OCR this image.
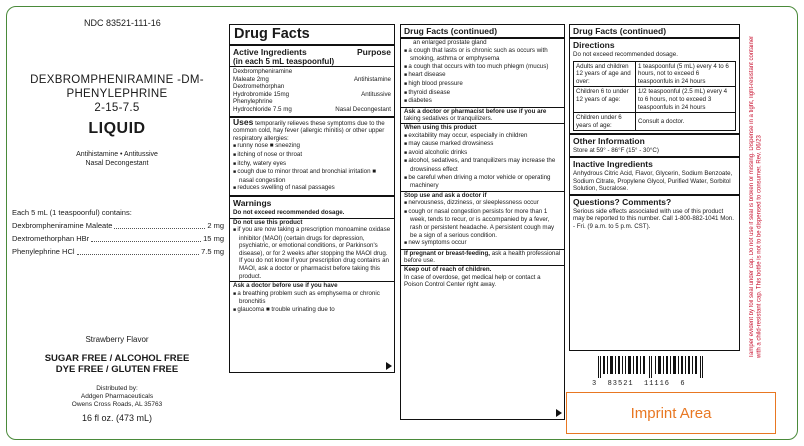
NDC 83521-111-16
DEXBROMPHENIRAMINE -DM-
PHENYLEPHRINE
2-15-7.5
LIQUID
Antihistamine • Antitussive
Nasal Decongestant
Each 5 mL (1 teaspoonful) contains:
Dexbrompheniramine Maleate	2 mg
Dextromethorphan HBr	15 mg
Phenylephrine HCl	7.5 mg
Strawberry Flavor
SUGAR FREE / ALCOHOL FREE
DYE FREE / GLUTEN FREE
Distributed by:
Addgen Pharmaceuticals
Owens Cross Roads, AL 35763
16 fl oz. (473 mL)
Drug Facts
Active Ingredients	Purpose
(in each 5 mL teaspoonful)
Dexbrompheniramine
Maleate 2mg	Antihistamine
Dextromethorphan
Hydrobromide 15mg	Antitussive
Phenylephrine
Hydrochloride 7.5 mg	Nasal Decongestant
Uses temporarily relieves these symptoms due to the common cold, hay fever (allergic rhinitis) or other upper respiratory allergies:
■ runny nose ■ sneezing
■ itching of nose or throat
■ itchy, watery eyes
■ cough due to minor throat and bronchial irritation ■ nasal congestion
■ reduces swelling of nasal passages
Warnings
Do not exceed recommended dosage.
Do not use this product
■ if you are now taking a prescription monoamine oxidase inhibitor (MAOI) (certain drugs for depression, psychiatric, or emotional conditions, or Parkinson's disease), or for 2 weeks after stopping the MAOI drug. If you do not know if your prescription drug contains an MAOI, ask a doctor or pharmacist before taking this product.
Ask a doctor before use if you have
■ a breathing problem such as emphysema or chronic bronchitis
■ glaucoma ■ trouble urinating due to
Drug Facts (continued)
an enlarged prostate gland
■ a cough that lasts or is chronic such as occurs with smoking, asthma or emphysema
■ a cough that occurs with too much phlegm (mucus)
■ heart disease
■ high blood pressure
■ thyroid disease
■ diabetes
Ask a doctor or pharmacist before use if you are taking sedatives or tranquilizers.
When using this product
■ excitability may occur, especially in children
■ may cause marked drowsiness
■ avoid alcoholic drinks
■ alcohol, sedatives, and tranquilizers may increase the drowsiness effect
■ be careful when driving a motor vehicle or operating machinery
Stop use and ask a doctor if
■ nervousness, dizziness, or sleeplessness occur
■ cough or nasal congestion persists for more than 1 week, tends to recur, or is accompanied by a fever, rash or persistent headache. A persistent cough may be a sign of a serious condition.
■ new symptoms occur
If pregnant or breast-feeding, ask a health professional before use.
Keep out of reach of children.
In case of overdose, get medical help or contact a Poison Control Center right away.
Drug Facts (continued)
Directions
Do not exceed recommended dosage.
Adults and children 12 years of age and over:	1 teaspoonful (5 mL) every 4 to 6 hours, not to exceed 6 teaspoonfuls in 24 hours
Children 6 to under 12 years of age:	1/2 teaspoonful (2.5 mL) every 4 to 6 hours, not to exceed 3 teaspoonfuls in 24 hours
Children under 6 years of age:	Consult a doctor.
Other Information
Store at 59° - 86°F (15° - 30°C)
Inactive Ingredients
Anhydrous Citric Acid, Flavor, Glycerin, Sodium Benzoate, Sodium Citrate, Propylene Glycol, Purified Water, Sorbitol Solution, Sucralose.
Questions? Comments?
Serious side effects associated with use of this product may be reported to this number. Call 1-800-882-1041 Mon. - Fri. (9 a.m. to 5 p.m. CST).
3  83521  11116  6
Imprint Area
Tamper evident by foil seal under cap. Do not use if seal is broken or missing. Dispense in a tight, light-resistant container with a child-resistant cap. This bottle is not to be dispensed to consumer. Rev. 06/23
